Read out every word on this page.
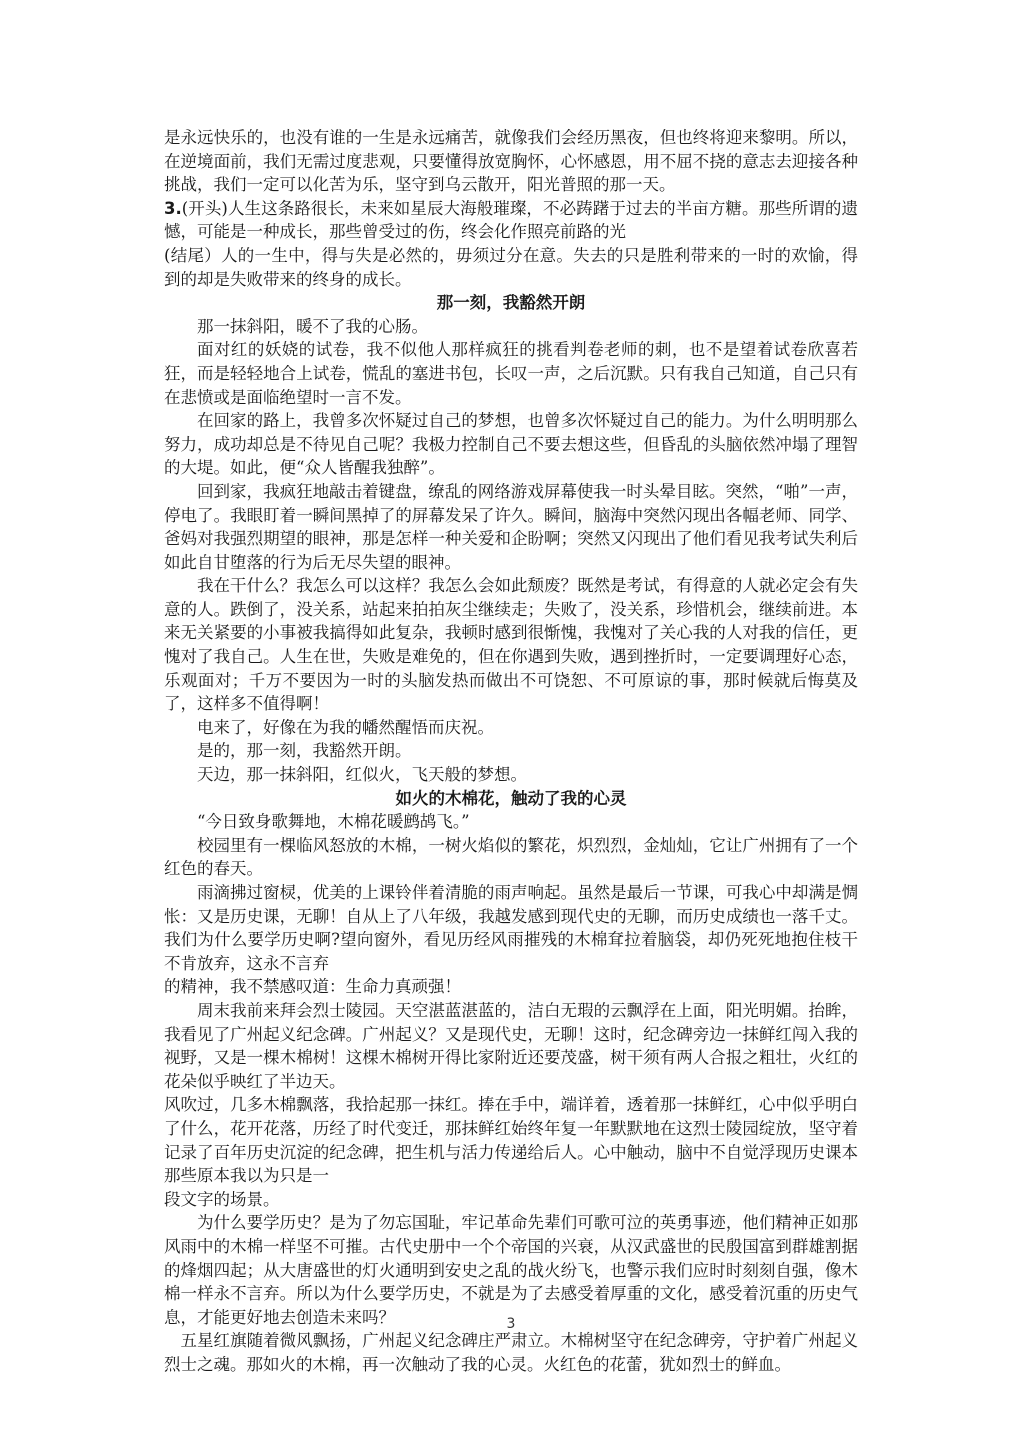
是永远快乐的，也没有谁的一生是永远痛苦，就像我们会经历黑夜，但也终将迎来黎明。所以，在逆境面前，我们无需过度悲观，只要懂得放宽胸怀，心怀感恩，用不屈不挠的意志去迎接各种挑战，我们一定可以化苦为乐，坚守到乌云散开，阳光普照的那一天。

3.(开头)人生这条路很长，未来如星辰大海般璀璨，不必踌躇于过去的半亩方糖。那些所谓的遗憾，可能是一种成长，那些曾受过的伤，终会化作照亮前路的光

(结尾）人的一生中，得与失是必然的，毋须过分在意。失去的只是胜利带来的一时的欢愉，得到的却是失败带来的终身的成长。

那一刻，我豁然开朗

那一抹斜阳，暖不了我的心肠。

面对红的妖娆的试卷，我不似他人那样疯狂的挑看判卷老师的刺，也不是望着试卷欣喜若狂，而是轻轻地合上试卷，慌乱的塞进书包，长叹一声，之后沉默。只有我自己知道，自己只有在悲愤或是面临绝望时一言不发。

在回家的路上，我曾多次怀疑过自己的梦想，也曾多次怀疑过自己的能力。为什么明明那么努力，成功却总是不待见自己呢？我极力控制自己不要去想这些，但昏乱的头脑依然冲塌了理智的大堤。如此，便“众人皆醒我独醉”。

回到家，我疯狂地敲击着键盘，缭乱的网络游戏屏幕使我一时头晕目眩。突然，“啪”一声，停电了。我眼盯着一瞬间黑掉了的屏幕发呆了许久。瞬间，脑海中突然闪现出各幅老师、同学、爸妈对我强烈期望的眼神，那是怎样一种关爱和企盼啊；突然又闪现出了他们看见我考试失利后如此自甘堕落的行为后无尽失望的眼神。

我在干什么？我怎么可以这样？我怎么会如此颓废？既然是考试，有得意的人就必定会有失意的人。跌倒了，没关系，站起来拍拍灰尘继续走；失败了，没关系，珍惜机会，继续前进。本来无关紧要的小事被我搞得如此复杂，我顿时感到很惭愧，我愧对了关心我的人对我的信任，更愧对了我自己。人生在世，失败是难免的，但在你遇到失败，遇到挫折时，一定要调理好心态，乐观面对；千万不要因为一时的头脑发热而做出不可饶恕、不可原谅的事，那时候就后悔莫及了，这样多不值得啊！

电来了，好像在为我的幡然醒悟而庆祝。

是的，那一刻，我豁然开朗。

天边，那一抹斜阳，红似火，飞天般的梦想。

如火的木棉花，触动了我的心灵

“今日致身歌舞地，木棉花暖鹧鸪飞。”

校园里有一棵临风怒放的木棉，一树火焰似的繁花，炽烈烈，金灿灿，它让广州拥有了一个红色的春天。

雨滴拂过窗棂，优美的上课铃伴着清脆的雨声响起。虽然是最后一节课，可我心中却满是惆怅：又是历史课，无聊！自从上了八年级，我越发感到现代史的无聊，而历史成绩也一落千丈。我们为什么要学历史啊?望向窗外，看见历经风雨摧残的木棉耷拉着脑袋，却仍死死地抱住枝干不肯放弃，这永不言弃

的精神，我不禁感叹道：生命力真顽强！

周末我前来拜会烈士陵园。天空湛蓝湛蓝的，洁白无瑕的云飘浮在上面，阳光明媚。抬眸，我看见了广州起义纪念碑。广州起义？又是现代史，无聊！这时，纪念碑旁边一抹鲜红闯入我的视野，又是一棵木棉树！这棵木棉树开得比家附近还要茂盛，树干须有两人合报之粗壮，火红的花朵似乎映红了半边天。

风吹过，几多木棉飘落，我拾起那一抹红。捧在手中，端详着，透着那一抹鲜红，心中似乎明白了什么，花开花落，历经了时代变迁，那抹鲜红始终年复一年默默地在这烈士陵园绽放，坚守着记录了百年历史沉淀的纪念碑，把生机与活力传递给后人。心中触动，脑中不自觉浮现历史课本那些原本我以为只是一

段文字的场景。

为什么要学历史？是为了勿忘国耻，牢记革命先辈们可歌可泣的英勇事迹，他们精神正如那风雨中的木棉一样坚不可摧。古代史册中一个个帝国的兴衰，从汉武盛世的民殷国富到群雄割据的烽烟四起；从大唐盛世的灯火通明到安史之乱的战火纷飞，也警示我们应时时刻刻自强，像木棉一样永不言弃。所以为什么要学历史，不就是为了去感受着厚重的文化，感受着沉重的历史气息，才能更好地去创造未来吗？

五星红旗随着微风飘扬，广州起义纪念碑庄严肃立。木棉树坚守在纪念碑旁，守护着广州起义烈士之魂。那如火的木棉，再一次触动了我的心灵。火红色的花蕾，犹如烈士的鲜血。

3
